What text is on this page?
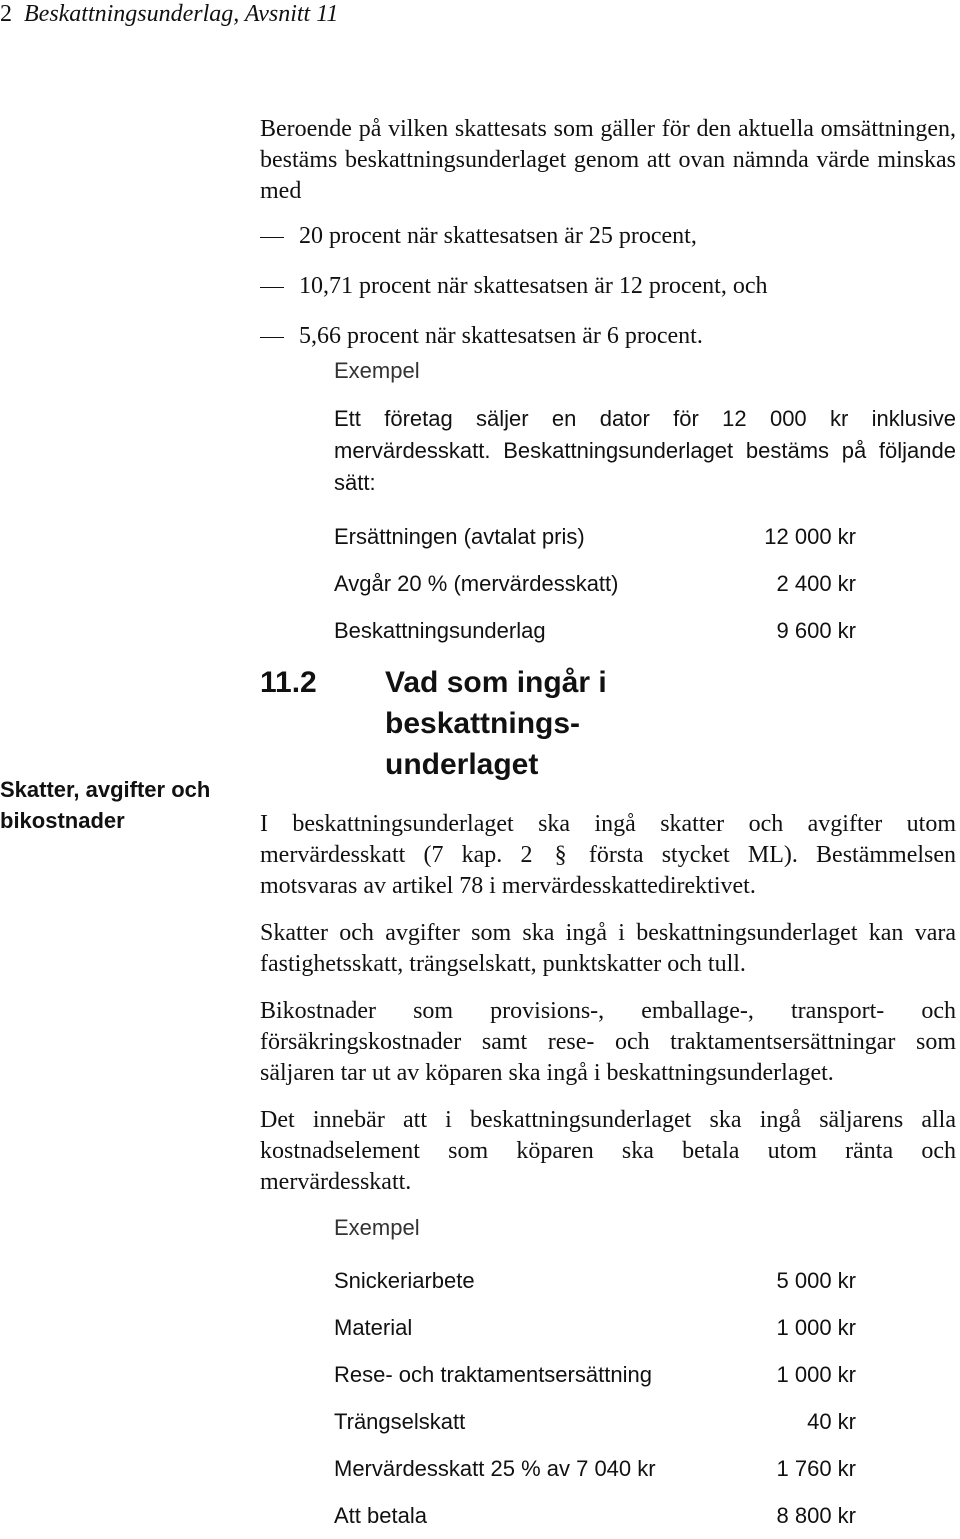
2 Beskattningsunderlag, Avsnitt 11
Skatter, avgifter och bikostnader

Beroende på vilken skattesats som gäller för den aktuella omsättningen, bestäms beskattningsunderlaget genom att ovan nämnda värde minskas med

20 procent när skattesatsen är 25 procent,
10,71 procent när skattesatsen är 12 procent, och
5,66 procent när skattesatsen är 6 procent.
Exempel
Ett företag säljer en dator för 12 000 kr inklusive mervärdesskatt. Beskattningsunderlaget bestäms på följande sätt:
Ersättningen (avtalat pris)	12 000 kr
Avgår 20 % (mervärdesskatt)	2 400 kr
Beskattningsunderlag	9 600 kr
11.2	Vad som ingår i beskattnings-underlaget

I beskattningsunderlaget ska ingå skatter och avgifter utom mervärdesskatt (7 kap. 2 § första stycket ML). Bestämmelsen motsvaras av artikel 78 i mervärdesskattedirektivet.

Skatter och avgifter som ska ingå i beskattningsunderlaget kan vara fastighetsskatt, trängselskatt, punktskatter och tull.

Bikostnader som provisions-, emballage-, transport- och försäkringskostnader samt rese- och traktamentsersättningar som säljaren tar ut av köparen ska ingå i beskattningsunderlaget.

Det innebär att i beskattningsunderlaget ska ingå säljarens alla kostnadselement som köparen ska betala utom ränta och mervärdesskatt.

Exempel
Snickeriarbete	5 000 kr
Material	1 000 kr
Rese- och traktamentsersättning	1 000 kr
Trängselskatt	40 kr
Mervärdesskatt 25 % av 7 040 kr	1 760 kr
Att betala	8 800 kr
